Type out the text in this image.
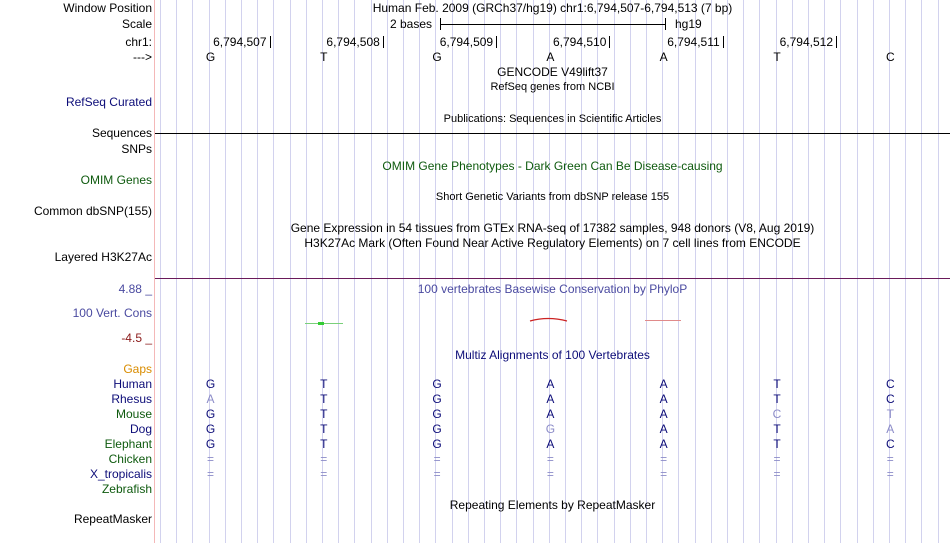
Window Position	Human Feb. 2009 (GRCh37/hg19) chr1:6,794,507-6,794,513 (7 bp)
Scale	2 bases	hg19
chr1:	6,794,507	6,794,508	6,794,509	6,794,510	6,794,511	6,794,512
--->	G	T	G	A	A	T	C
GENCODE V49lift37
RefSeq genes from NCBI
RefSeq Curated
Publications: Sequences in Scientific Articles
Sequences
SNPs
OMIM Gene Phenotypes - Dark Green Can Be Disease-causing
OMIM Genes
Short Genetic Variants from dbSNP release 155
Common dbSNP(155)
Gene Expression in 54 tissues from GTEx RNA-seq of 17382 samples, 948 donors (V8, Aug 2019)
H3K27Ac Mark (Often Found Near Active Regulatory Elements) on 7 cell lines from ENCODE
Layered H3K27Ac
4.88 _	100 vertebrates Basewise Conservation by PhyloP
100 Vert. Cons
-4.5 _
Multiz Alignments of 100 Vertebrates
Gaps
Human	G	T	G	A	A	T	C
Rhesus	A	T	G	A	A	T	C
Mouse	G	T	G	A	A	C	T
Dog	G	T	G	G	A	T	A
Elephant	G	T	G	A	A	T	C
Chicken	=	=	=	=	=	=	=
X_tropicalis	=	=	=	=	=	=	=
Zebrafish
Repeating Elements by RepeatMasker
RepeatMasker
